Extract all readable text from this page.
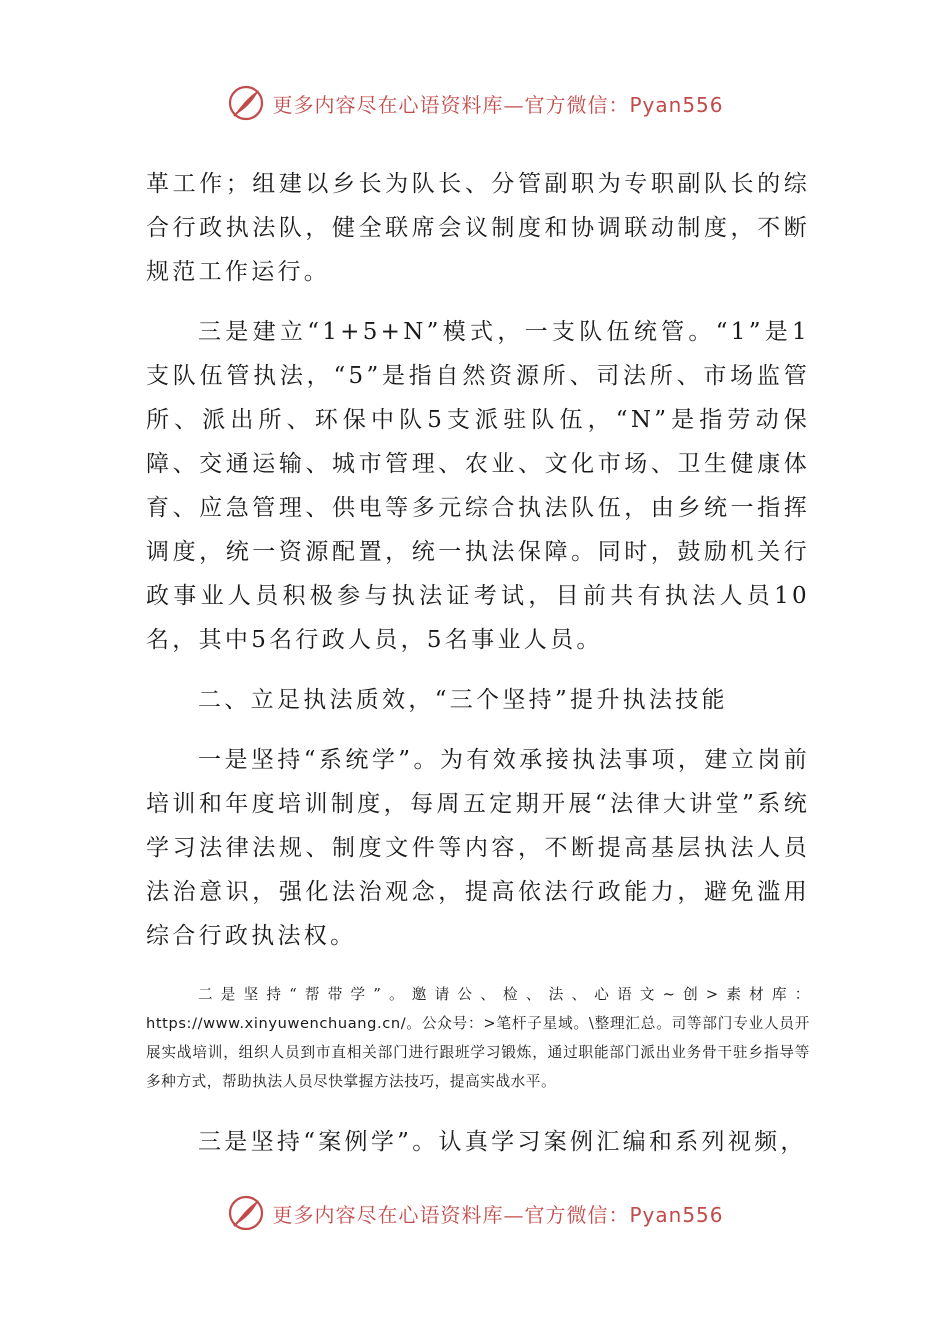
更多内容尽在心语资料库—官方微信：Pyan556

革工作；组建以乡长为队长、分管副职为专职副队长的综合行政执法队，健全联席会议制度和协调联动制度，不断规范工作运行。

三是建立“1+5+N”模式，一支队伍统管。“1”是1支队伍管执法，“5”是指自然资源所、司法所、市场监管所、派出所、环保中队5支派驻队伍，“N”是指劳动保障、交通运输、城市管理、农业、文化市场、卫生健康体育、应急管理、供电等多元综合执法队伍，由乡统一指挥调度，统一资源配置，统一执法保障。同时，鼓励机关行政事业人员积极参与执法证考试，目前共有执法人员10名，其中5名行政人员，5名事业人员。

二、立足执法质效，“三个坚持”提升执法技能

一是坚持“系统学”。为有效承接执法事项，建立岗前培训和年度培训制度，每周五定期开展“法律大讲堂”系统学习法律法规、制度文件等内容，不断提高基层执法人员法治意识，强化法治观念，提高依法行政能力，避免滥用综合行政执法权。

二是坚持“帮带学”。邀请公、检、法、心语文~创>素材库：https://www.xinyuwenchuang.cn/。公众号：>笔杆子星域。\整理汇总。司等部门专业人员开展实战培训，组织人员到市直相关部门进行跟班学习锻炼，通过职能部门派出业务骨干驻乡指导等多种方式，帮助执法人员尽快掌握方法技巧，提高实战水平。

三是坚持“案例学”。认真学习案例汇编和系列视频，

更多内容尽在心语资料库—官方微信：Pyan556
